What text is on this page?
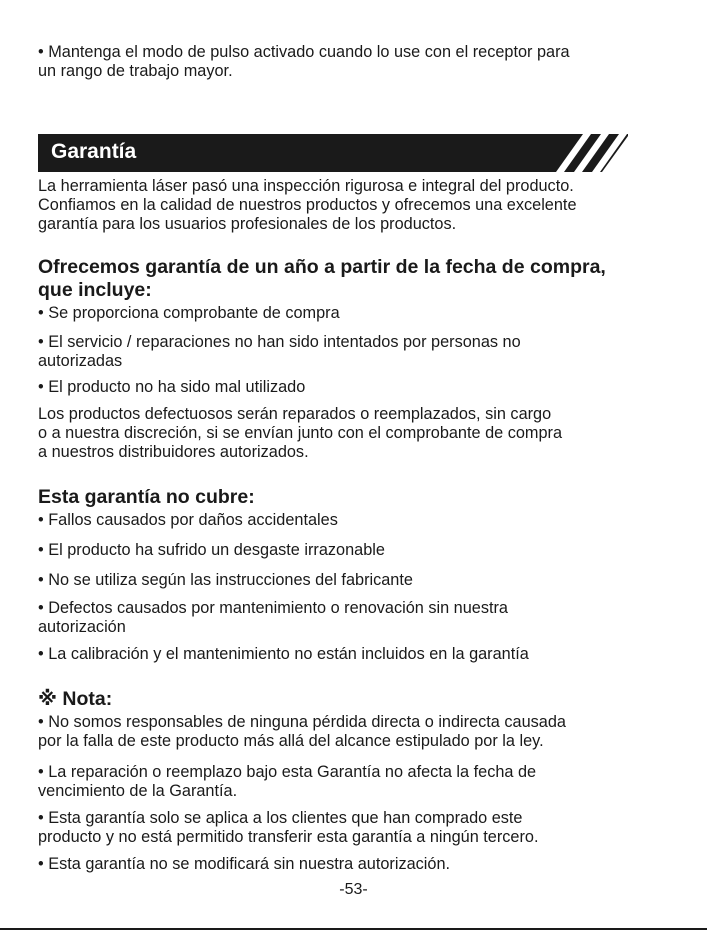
• Mantenga el modo de pulso activado cuando lo use con el receptor para
un rango de trabajo mayor.
Garantía
La herramienta láser pasó una inspección rigurosa e integral del producto.
Confiamos en la calidad de nuestros productos y ofrecemos una excelente
garantía para los usuarios profesionales de los productos.
Ofrecemos garantía de un año a partir de la fecha de compra,
que incluye:
• Se proporciona comprobante de compra
• El servicio / reparaciones no han sido intentados por personas no
autorizadas
• El producto no ha sido mal utilizado
Los productos defectuosos serán reparados o reemplazados, sin cargo
o a nuestra discreción, si se envían junto con el comprobante de compra
a nuestros distribuidores autorizados.
Esta garantía no cubre:
• Fallos causados por daños accidentales
• El producto ha sufrido un desgaste irrazonable
• No se utiliza según las instrucciones del fabricante
• Defectos causados por mantenimiento o renovación sin nuestra
autorización
• La calibración y el mantenimiento no están incluidos en la garantía
※ Nota:
• No somos responsables de ninguna pérdida directa o indirecta causada
por la falla de este producto más allá del alcance estipulado por la ley.
• La reparación o reemplazo bajo esta Garantía no afecta la fecha de
vencimiento de la Garantía.
• Esta garantía solo se aplica a los clientes que han comprado este
producto y no está permitido transferir esta garantía a ningún tercero.
• Esta garantía no se modificará sin nuestra autorización.
-53-
